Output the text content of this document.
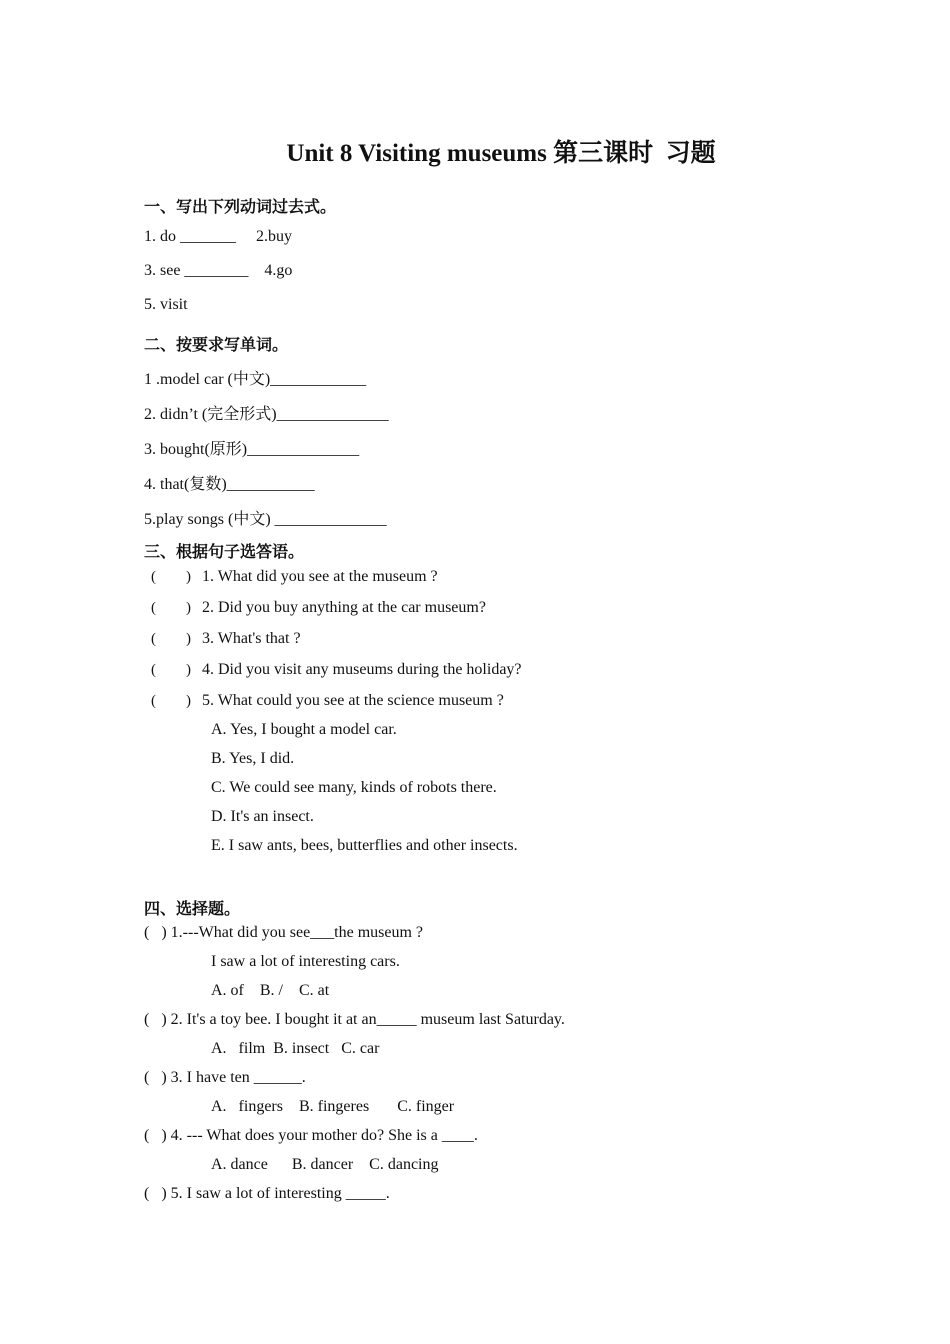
Unit 8 Visiting museums 第三课时  习题
一、写出下列动词过去式。
1. do _______     2.buy
3. see ________    4.go
5. visit
二、按要求写单词。
1 .model car (中文)____________
2. didn’t (完全形式)______________
3. bought(原形)______________
4. that(复数)___________
5.play songs (中文) ______________
三、根据句子选答语。
(        ) 1. What did you see at the museum ?
(        ) 2. Did you buy anything at the car museum?
(        ) 3. What's that ?
(        ) 4. Did you visit any museums during the holiday?
(        ) 5. What could you see at the science museum ?
A. Yes, I bought a model car.
B. Yes, I did.
C. We could see many, kinds of robots there.
D. It's an insect.
E. I saw ants, bees, butterflies and other insects.
四、选择题。
(   ) 1.---What did you see___the museum ?
I saw a lot of interesting cars.
A. of    B. /    C. at
(   ) 2. It's a toy bee. I bought it at an_____ museum last Saturday.
A.   film  B. insect   C. car
(   ) 3. I have ten ______.
A.   fingers    B. fingeres       C. finger
(   ) 4. --- What does your mother do? She is a ____.
A. dance      B. dancer    C. dancing
(   ) 5. I saw a lot of interesting _____.
